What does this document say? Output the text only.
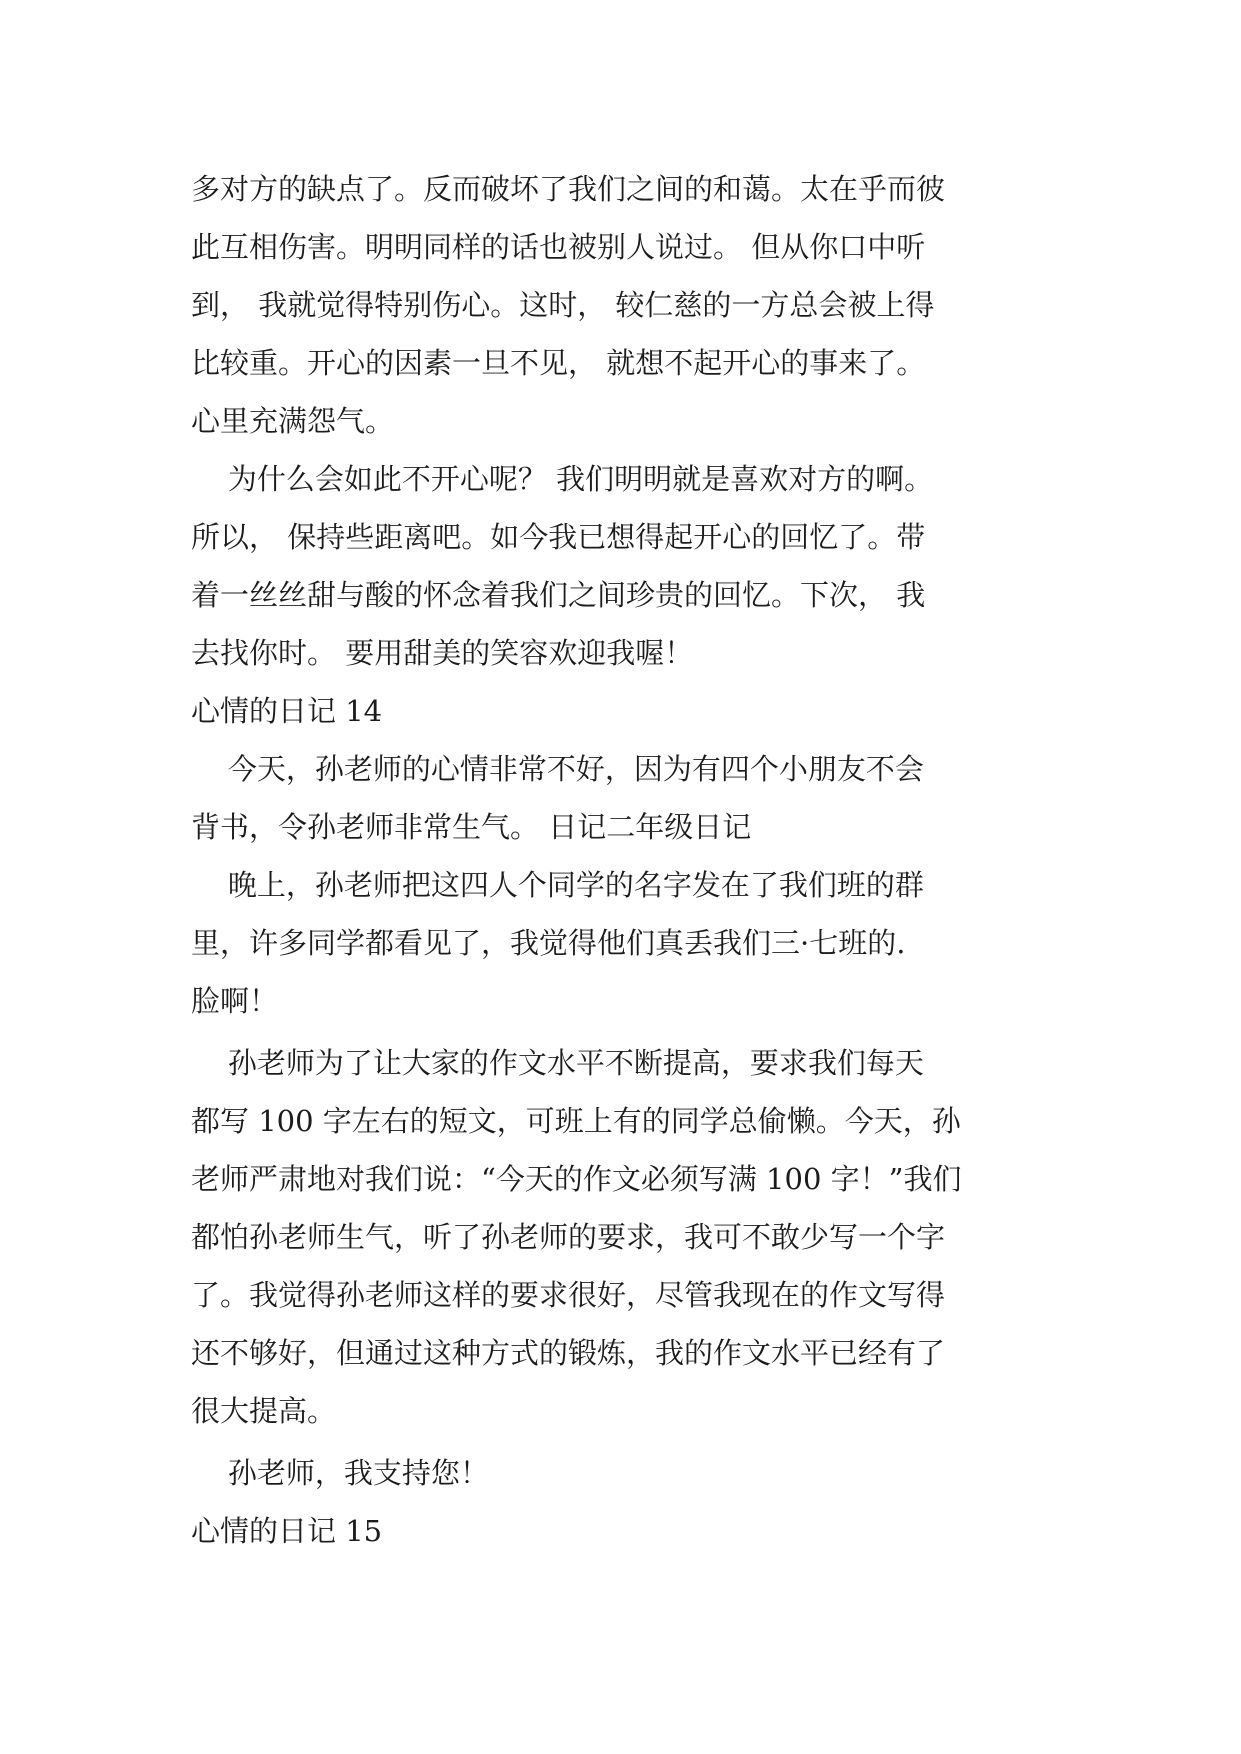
多对方的缺点了。反而破坏了我们之间的和蔼。太在乎而彼
此互相伤害。明明同样的话也被别人说过。 但从你口中听
到， 我就觉得特别伤心。这时， 较仁慈的一方总会被上得
比较重。开心的因素一旦不见， 就想不起开心的事来了。
心里充满怨气。
为什么会如此不开心呢？ 我们明明就是喜欢对方的啊。
所以， 保持些距离吧。如今我已想得起开心的回忆了。带
着一丝丝甜与酸的怀念着我们之间珍贵的回忆。下次， 我
去找你时。 要用甜美的笑容欢迎我喔！
心情的日记 14
今天，孙老师的心情非常不好，因为有四个小朋友不会
背书，令孙老师非常生气。 日记二年级日记
晚上，孙老师把这四人个同学的名字发在了我们班的群
里，许多同学都看见了，我觉得他们真丢我们三·七班的.
脸啊！
孙老师为了让大家的作文水平不断提高，要求我们每天
都写 100 字左右的短文，可班上有的同学总偷懒。今天，孙
老师严肃地对我们说：“今天的作文必须写满 100 字！”我们
都怕孙老师生气，听了孙老师的要求，我可不敢少写一个字
了。我觉得孙老师这样的要求很好，尽管我现在的作文写得
还不够好，但通过这种方式的锻炼，我的作文水平已经有了
很大提高。
孙老师，我支持您！
心情的日记 15
